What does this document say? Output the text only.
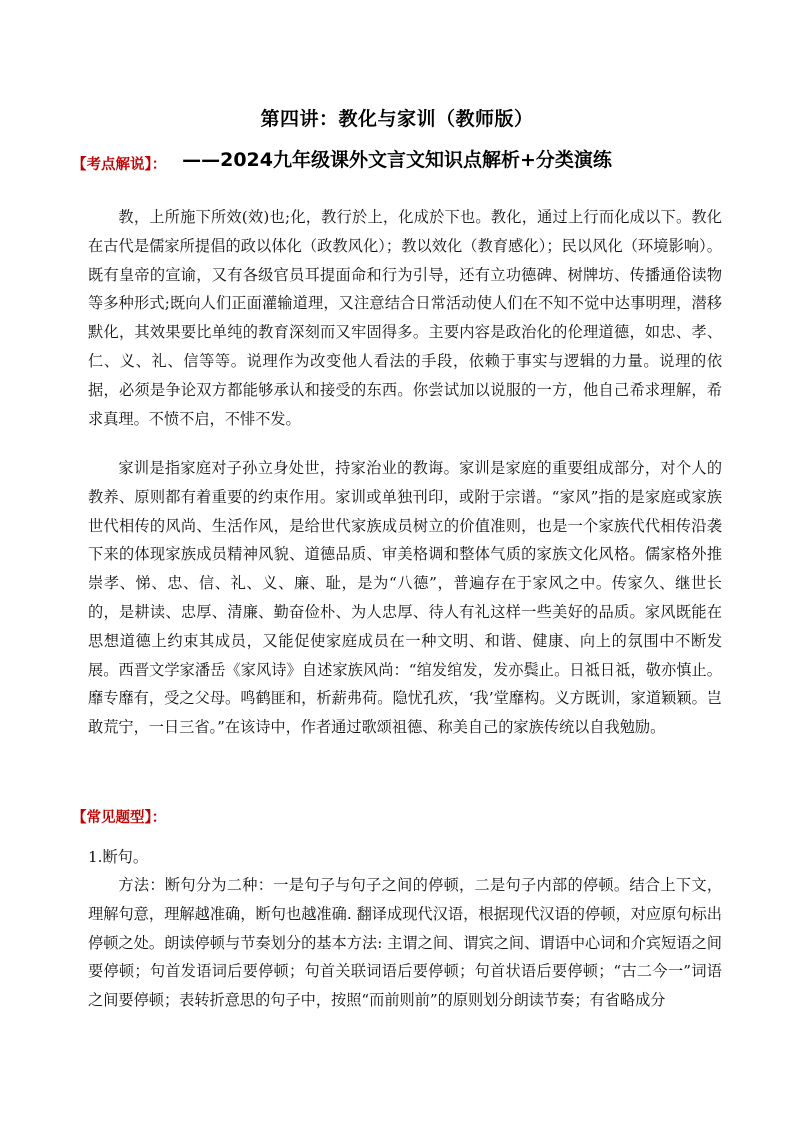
第四讲：教化与家训（教师版）
——2024九年级课外文言文知识点解析+分类演练
【考点解说】：

教，上所施下所效(效)也;化，教行於上，化成於下也。教化，通过上行而化成以下。教化在古代是儒家所提倡的政以体化（政教风化）；教以效化（教育感化）；民以风化（环境影响）。既有皇帝的宣谕，又有各级官员耳提面命和行为引导，还有立功德碑、树牌坊、传播通俗读物等多种形式;既向人们正面灌输道理，又注意结合日常活动使人们在不知不觉中达事明理，潜移默化，其效果要比单纯的教育深刻而又牢固得多。主要内容是政治化的伦理道德，如忠、孝、仁、义、礼、信等等。说理作为改变他人看法的手段，依赖于事实与逻辑的力量。说理的依据，必须是争论双方都能够承认和接受的东西。你尝试加以说服的一方，他自己希求理解，希求真理。不愤不启，不悱不发。

家训是指家庭对子孙立身处世，持家治业的教诲。家训是家庭的重要组成部分，对个人的教养、原则都有着重要的约束作用。家训或单独刊印，或附于宗谱。“家风”指的是家庭或家族世代相传的风尚、生活作风，是给世代家族成员树立的价值准则，也是一个家族代代相传沿袭下来的体现家族成员精神风貌、道德品质、审美格调和整体气质的家族文化风格。儒家格外推崇孝、悌、忠、信、礼、义、廉、耻，是为“八德”，普遍存在于家风之中。传家久、继世长的，是耕读、忠厚、清廉、勤奋俭朴、为人忠厚、待人有礼这样一些美好的品质。家风既能在思想道德上约束其成员，又能促使家庭成员在一种文明、和谐、健康、向上的氛围中不断发展。西晋文学家潘岳《家风诗》自述家族风尚：“绾发绾发，发亦鬓止。日祗日祗，敬亦慎止。靡专靡有，受之父母。鸣鹤匪和，析薪弗荷。隐忧孔疚，‘我’堂靡构。义方既训，家道颖颖。岂敢荒宁，一日三省。”在该诗中，作者通过歌颂祖德、称美自己的家族传统以自我勉励。

【常见题型】：
1.断句。

方法：断句分为二种：一是句子与句子之间的停顿，二是句子内部的停顿。结合上下文，理解句意，理解越准确，断句也越准确. 翻译成现代汉语，根据现代汉语的停顿，对应原句标出停顿之处。朗读停顿与节奏划分的基本方法: 主谓之间、谓宾之间、谓语中心词和介宾短语之间要停顿；句首发语词后要停顿；句首关联词语后要停顿；句首状语后要停顿；“古二今一”词语之间要停顿；表转折意思的句子中，按照“而前则前”的原则划分朗读节奏；有省略成分
